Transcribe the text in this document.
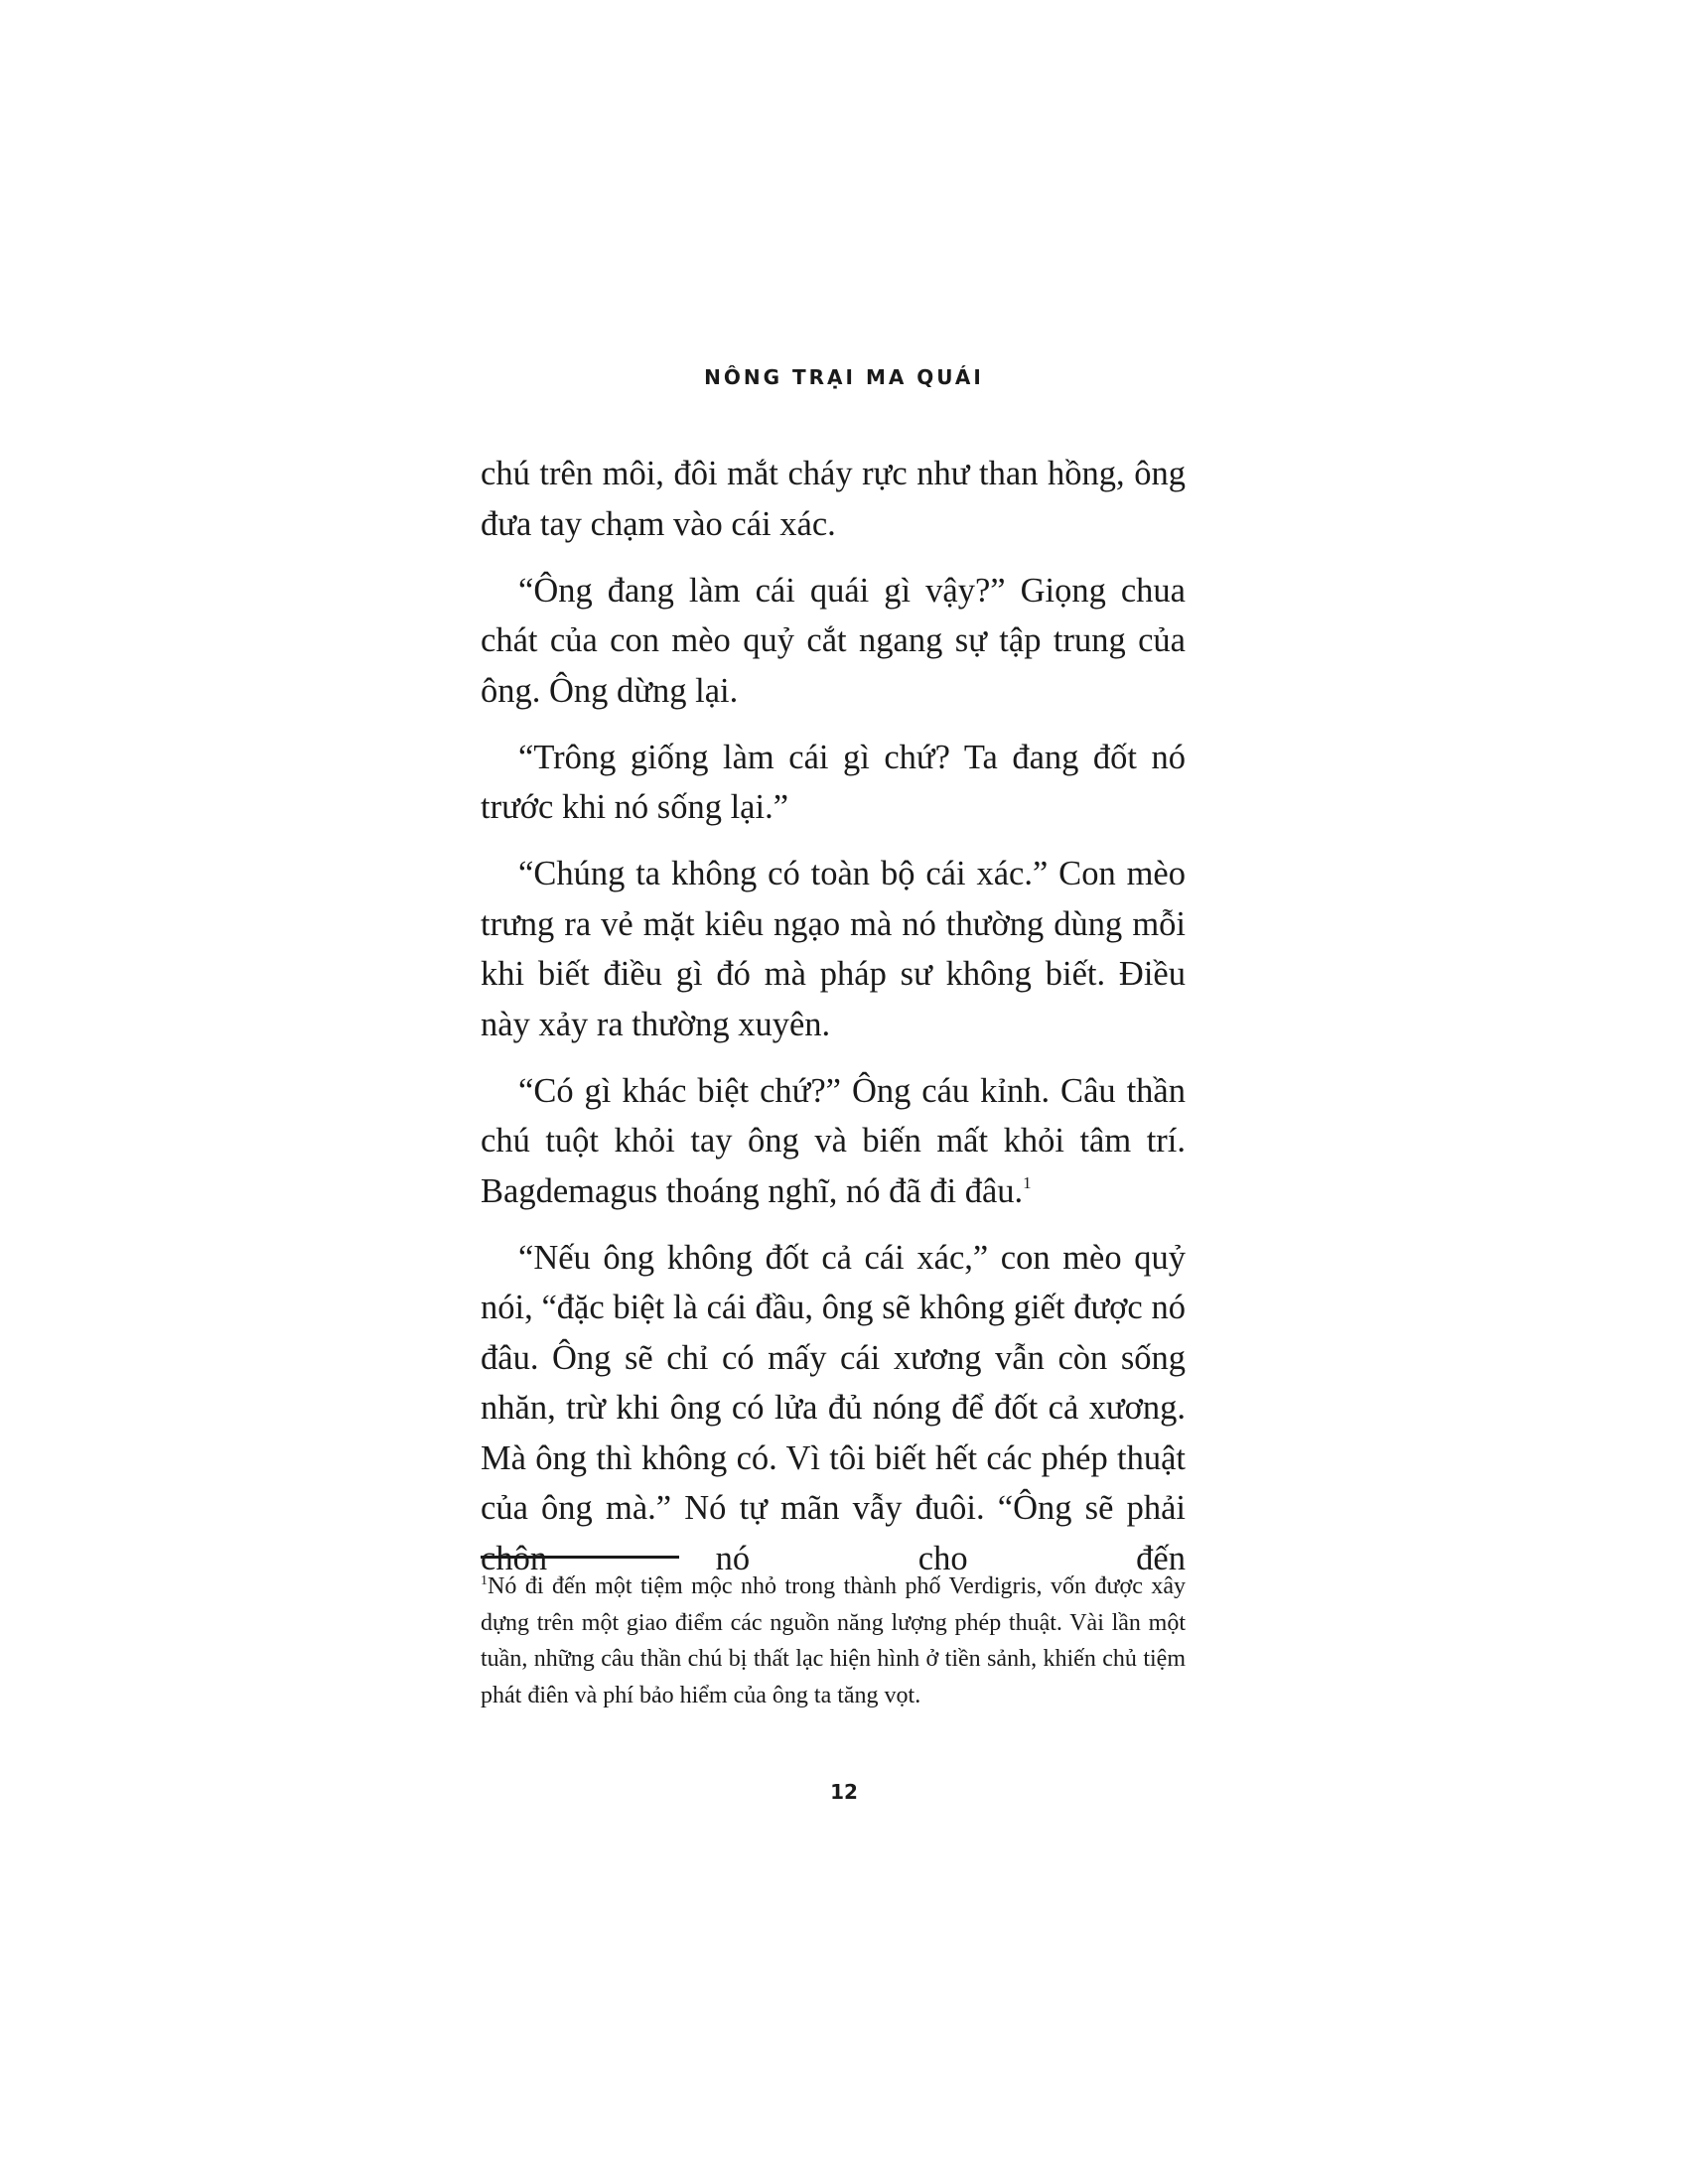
NÔNG TRẠI MA QUÁI

chú trên môi, đôi mắt cháy rực như than hồng, ông đưa tay chạm vào cái xác.

“Ông đang làm cái quái gì vậy?” Giọng chua chát của con mèo quỷ cắt ngang sự tập trung của ông. Ông dừng lại.

“Trông giống làm cái gì chứ? Ta đang đốt nó trước khi nó sống lại.”

“Chúng ta không có toàn bộ cái xác.” Con mèo trưng ra vẻ mặt kiêu ngạo mà nó thường dùng mỗi khi biết điều gì đó mà pháp sư không biết. Điều này xảy ra thường xuyên.

“Có gì khác biệt chứ?” Ông cáu kỉnh. Câu thần chú tuột khỏi tay ông và biến mất khỏi tâm trí. Bagdemagus thoáng nghĩ, nó đã đi đâu.$^1$

“Nếu ông không đốt cả cái xác,” con mèo quỷ nói, “đặc biệt là cái đầu, ông sẽ không giết được nó đâu. Ông sẽ chỉ có mấy cái xương vẫn còn sống nhăn, trừ khi ông có lửa đủ nóng để đốt cả xương. Mà ông thì không có. Vì tôi biết hết các phép thuật của ông mà.” Nó tự mãn vẫy đuôi. “Ông sẽ phải chôn nó cho đến

$^1$Nó đi đến một tiệm mộc nhỏ trong thành phố Verdigris, vốn được xây dựng trên một giao điểm các nguồn năng lượng phép thuật. Vài lần một tuần, những câu thần chú bị thất lạc hiện hình ở tiền sảnh, khiến chủ tiệm phát điên và phí bảo hiểm của ông ta tăng vọt.
12
